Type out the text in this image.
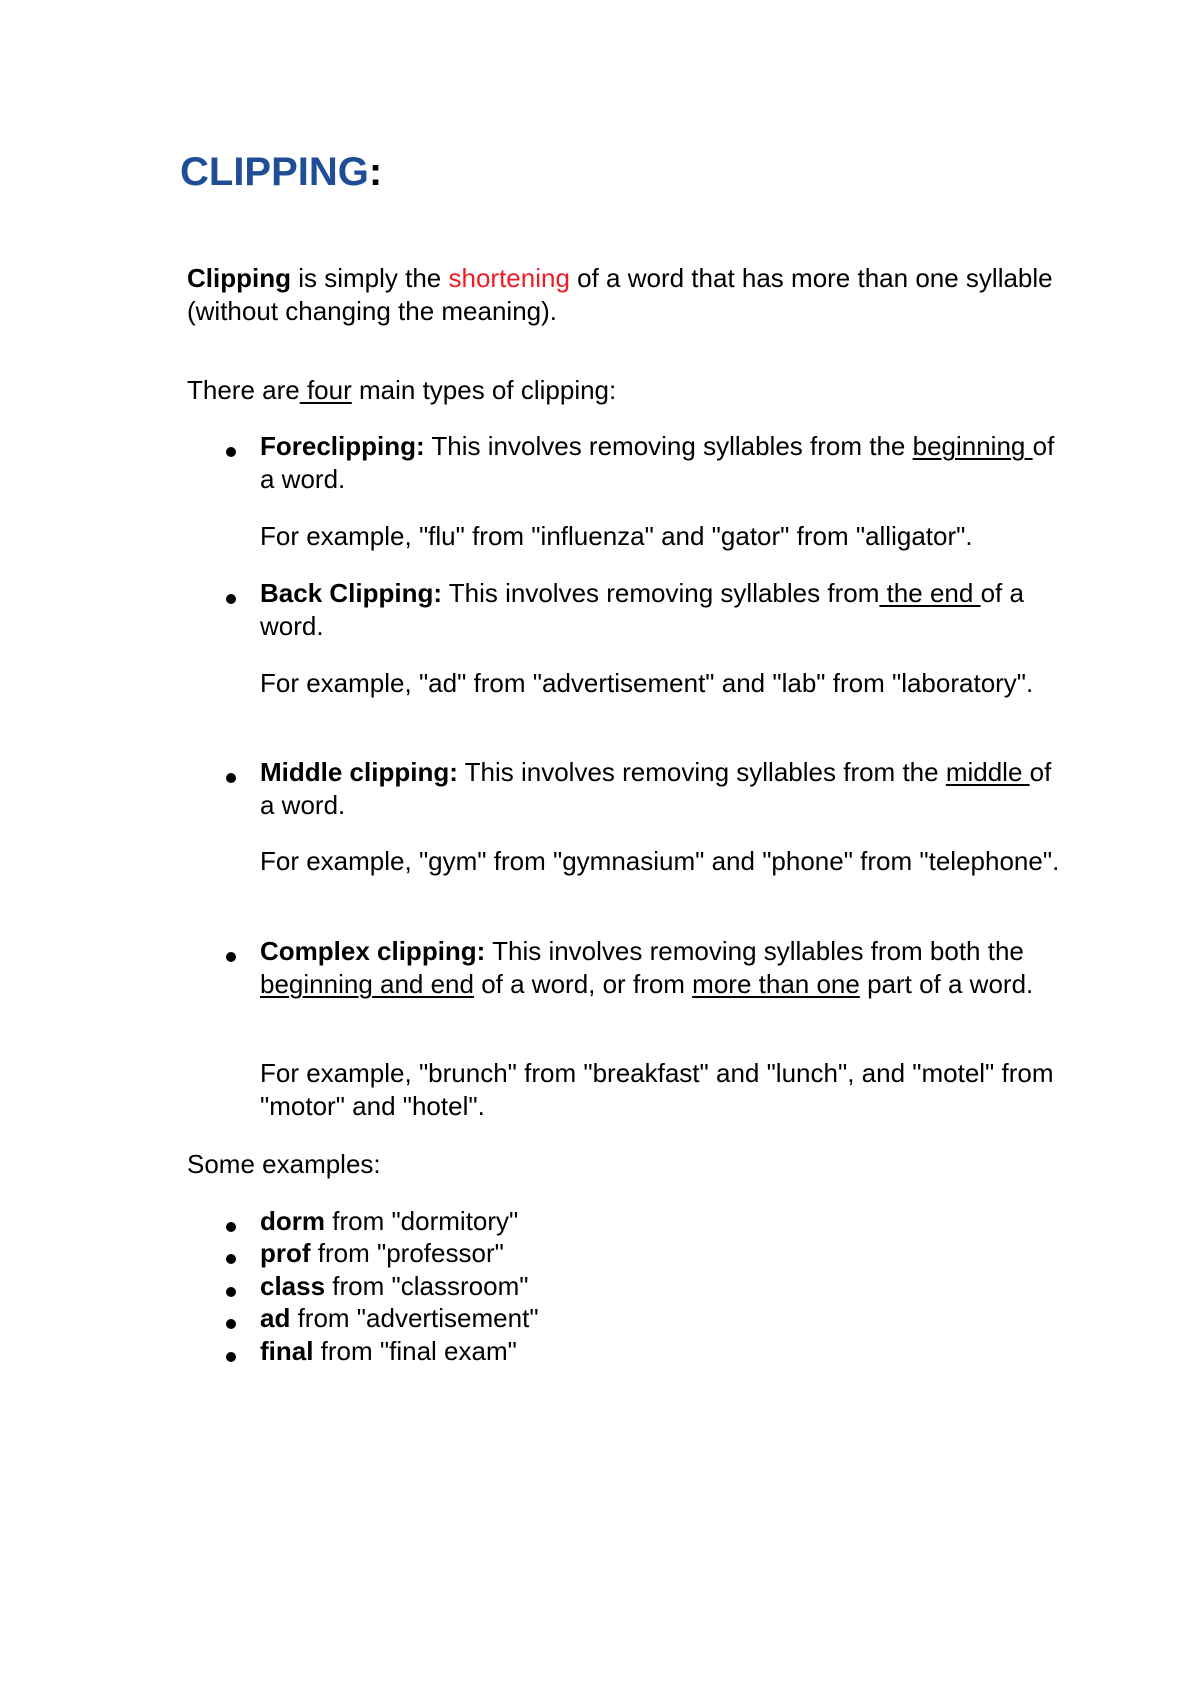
CLIPPING:

Clipping is simply the shortening of a word that has more than one syllable (without changing the meaning).

There are four main types of clipping:

Foreclipping: This involves removing syllables from the beginning of a word.

For example, "flu" from "influenza" and "gator" from "alligator".

Back Clipping: This involves removing syllables from the end of a word.

For example, "ad" from "advertisement" and "lab" from "laboratory".

Middle clipping: This involves removing syllables from the middle of a word.

For example, "gym" from "gymnasium" and "phone" from "telephone".

Complex clipping: This involves removing syllables from both the beginning and end of a word, or from more than one part of a word.

For example, "brunch" from "breakfast" and "lunch", and "motel" from "motor" and "hotel".

Some examples:

dorm from "dormitory"

prof from "professor"

class from "classroom"

ad from "advertisement"

final from "final exam"
